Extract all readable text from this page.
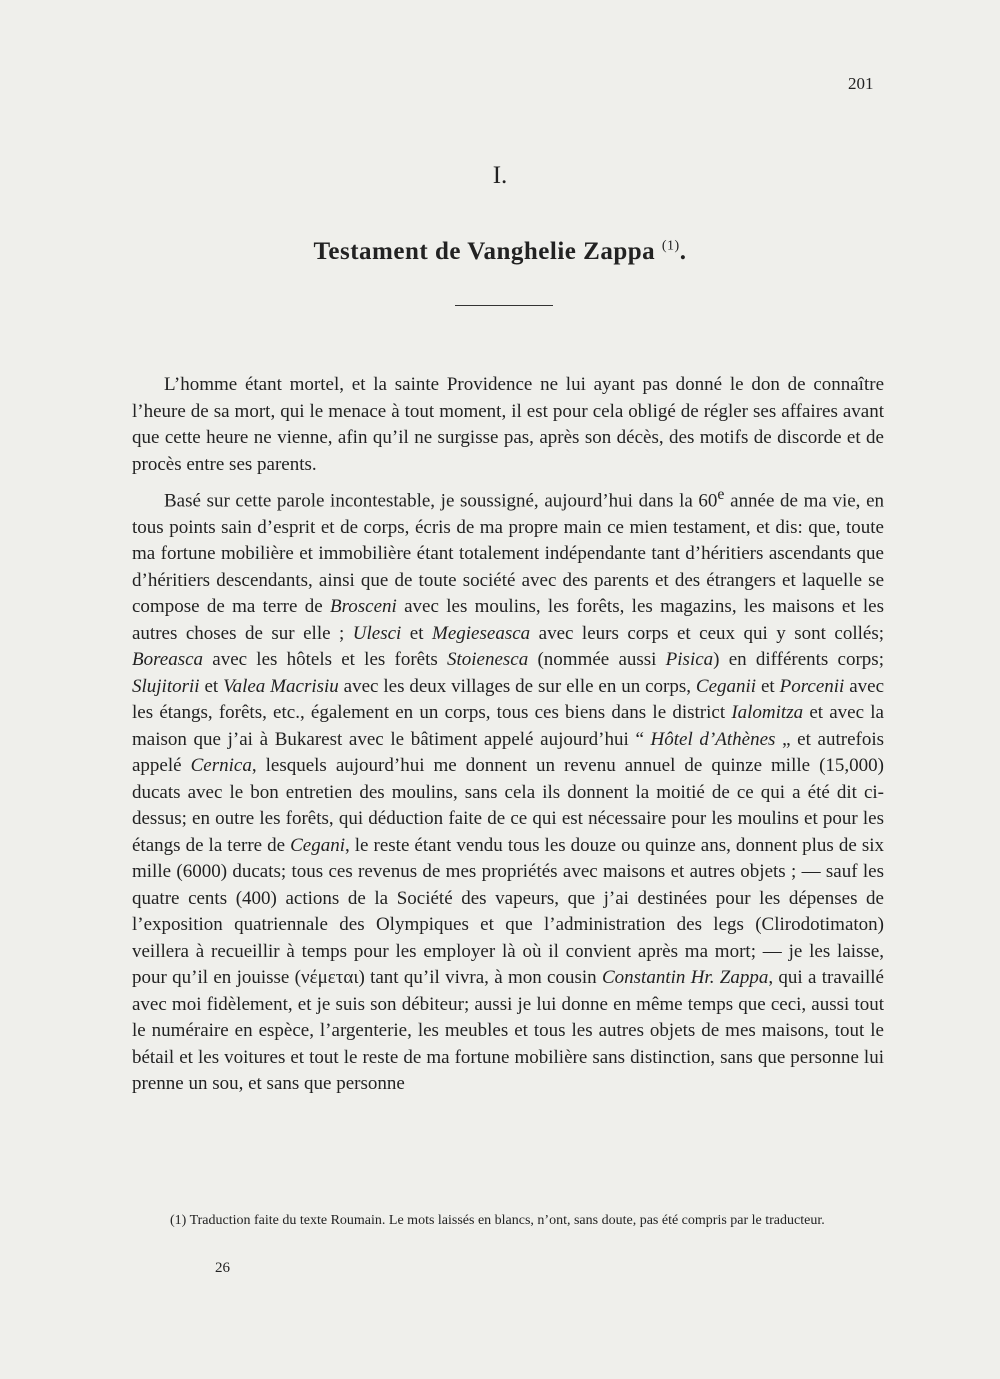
201
I.
Testament de Vanghelie Zappa $^{(1)}$.

L’homme étant mortel, et la sainte Providence ne lui ayant pas donné le don de connaître l’heure de sa mort, qui le menace à tout moment, il est pour cela obligé de régler ses affaires avant que cette heure ne vienne, afin qu’il ne surgisse pas, après son décès, des motifs de discorde et de procès entre ses parents.

Basé sur cette parole incontestable, je soussigné, aujourd’hui dans la 60e année de ma vie, en tous points sain d’esprit et de corps, écris de ma propre main ce mien testament, et dis: que, toute ma fortune mobilière et immobilière étant totalement indépendante tant d’héritiers ascendants que d’héritiers descendants, ainsi que de toute société avec des parents et des étrangers et laquelle se compose de ma terre de Brosceni avec les moulins, les forêts, les magazins, les maisons et les autres choses de sur elle ; Ulesci et Megieseasca avec leurs corps et ceux qui y sont collés; Boreasca avec les hôtels et les forêts Stoienesca (nommée aussi Pisica) en différents corps; Slujitorii et Valea Macrisiu avec les deux villages de sur elle en un corps, Ceganii et Porcenii avec les étangs, forêts, etc., également en un corps, tous ces biens dans le district Ialomitza et avec la maison que j’ai à Bukarest avec le bâtiment appelé aujourd’hui “ Hôtel d’Athènes „ et autrefois appelé Cernica, lesquels aujourd’hui me donnent un revenu annuel de quinze mille (15,000) ducats avec le bon entretien des moulins, sans cela ils donnent la moitié de ce qui a été dit ci-dessus; en outre les forêts, qui déduction faite de ce qui est nécessaire pour les moulins et pour les étangs de la terre de Cegani, le reste étant vendu tous les douze ou quinze ans, donnent plus de six mille (6000) ducats; tous ces revenus de mes propriétés avec maisons et autres objets ; — sauf les quatre cents (400) actions de la Société des vapeurs, que j’ai destinées pour les dépenses de l’exposition quatriennale des Olympiques et que l’administration des legs (Clirodotimaton) veillera à recueillir à temps pour les employer là où il convient après ma mort; — je les laisse, pour qu’il en jouisse (νέμεται) tant qu’il vivra, à mon cousin Constantin Hr. Zappa, qui a travaillé avec moi fidèlement, et je suis son débiteur; aussi je lui donne en même temps que ceci, aussi tout le numéraire en espèce, l’argenterie, les meubles et tous les autres objets de mes maisons, tout le bétail et les voitures et tout le reste de ma fortune mobilière sans distinction, sans que personne lui prenne un sou, et sans que personne

(1) Traduction faite du texte Roumain. Le mots laissés en blancs, n’ont, sans doute, pas été compris par le traducteur.
26
